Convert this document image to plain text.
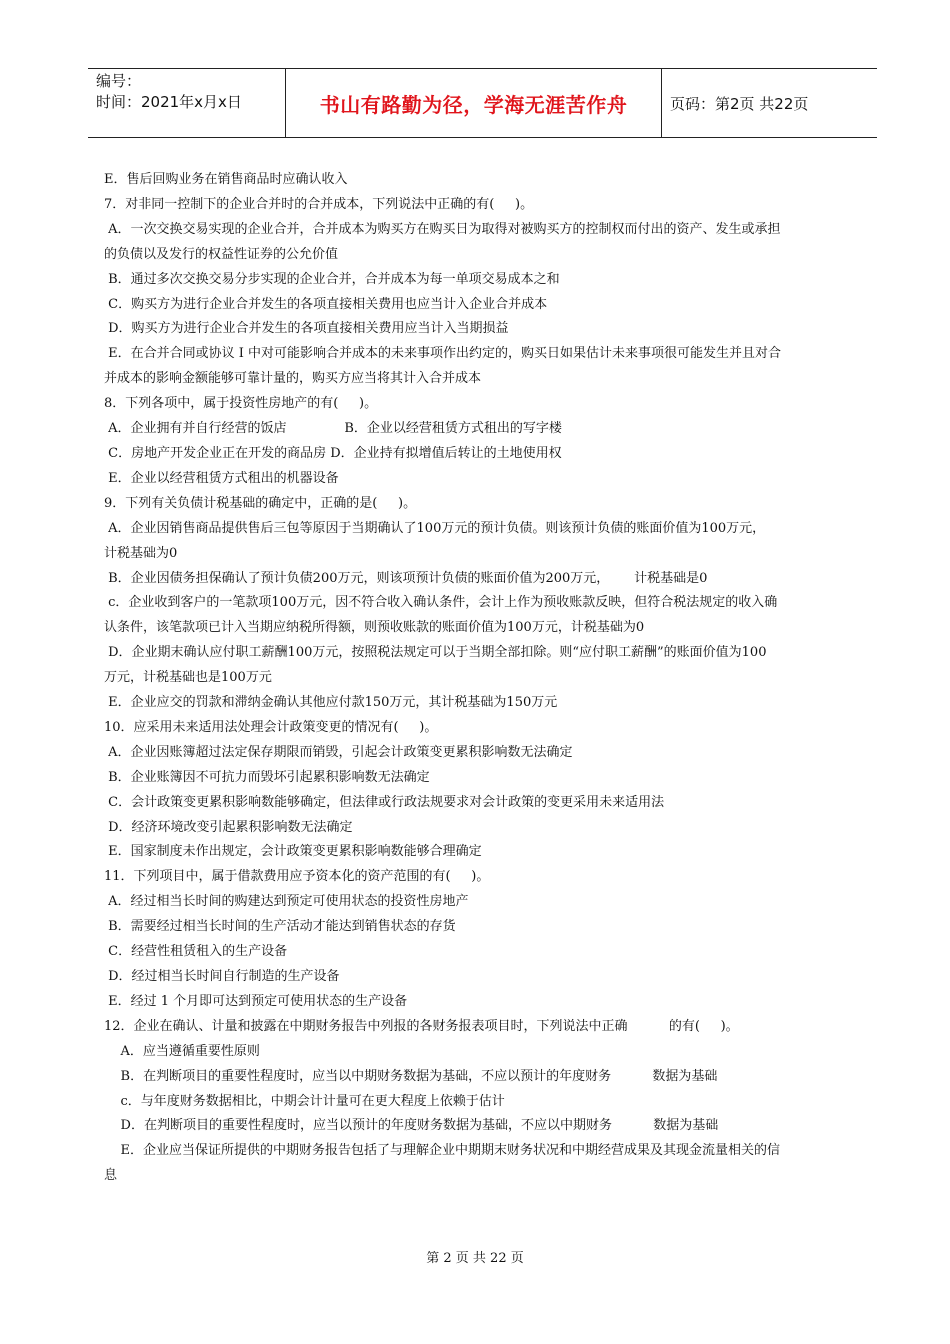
编号：
时间：2021年x月x日	书山有路勤为径，学海无涯苦作舟	页码：第2页 共22页
E．售后回购业务在销售商品时应确认收入
7．对非同一控制下的企业合并时的合并成本，下列说法中正确的有(     )。
A．一次交换交易实现的企业合并，合并成本为购买方在购买日为取得对被购买方的控制权而付出的资产、发生或承担
的负债以及发行的权益性证券的公允价值
B．通过多次交换交易分步实现的企业合并，合并成本为每一单项交易成本之和
C．购买方为进行企业合并发生的各项直接相关费用也应当计入企业合并成本
D．购买方为进行企业合并发生的各项直接相关费用应当计入当期损益
E．在合并合同或协议 I 中对可能影响合并成本的未来事项作出约定的，购买日如果估计未来事项很可能发生并且对合
并成本的影响金额能够可靠计量的，购买方应当将其计入合并成本
8．下列各项中，属于投资性房地产的有(     )。
A．企业拥有并自行经营的饭店              B．企业以经营租赁方式租出的写字楼
C．房地产开发企业正在开发的商品房 D．企业持有拟增值后转让的土地使用权
E．企业以经营租赁方式租出的机器设备
9．下列有关负债计税基础的确定中，正确的是(     )。
A．企业因销售商品提供售后三包等原因于当期确认了100万元的预计负债。则该预计负债的账面价值为100万元，
计税基础为0
B．企业因债务担保确认了预计负债200万元，则该项预计负债的账面价值为200万元，      计税基础是0
c．企业收到客户的一笔款项100万元，因不符合收入确认条件，会计上作为预收账款反映，但符合税法规定的收入确
认条件，该笔款项已计入当期应纳税所得额，则预收账款的账面价值为100万元，计税基础为0
D．企业期末确认应付职工薪酬100万元，按照税法规定可以于当期全部扣除。则“应付职工薪酬”的账面价值为100
万元，计税基础也是100万元
E．企业应交的罚款和滞纳金确认其他应付款150万元，其计税基础为150万元
10．应采用未来适用法处理会计政策变更的情况有(     )。
A．企业因账簿超过法定保存期限而销毁，引起会计政策变更累积影响数无法确定
B．企业账簿因不可抗力而毁坏引起累积影响数无法确定
C．会计政策变更累积影响数能够确定，但法律或行政法规要求对会计政策的变更采用未来适用法
D．经济环境改变引起累积影响数无法确定
E．国家制度未作出规定，会计政策变更累积影响数能够合理确定
11．下列项目中，属于借款费用应予资本化的资产范围的有(     )。
A．经过相当长时间的购建达到预定可使用状态的投资性房地产
B．需要经过相当长时间的生产活动才能达到销售状态的存货
C．经营性租赁租入的生产设备
D．经过相当长时间自行制造的生产设备
E．经过 1 个月即可达到预定可使用状态的生产设备
12．企业在确认、计量和披露在中期财务报告中列报的各财务报表项目时，下列说法中正确          的有(     )。
A．应当遵循重要性原则
B．在判断项目的重要性程度时，应当以中期财务数据为基础，不应以预计的年度财务          数据为基础
c．与年度财务数据相比，中期会计计量可在更大程度上依赖于估计
D．在判断项目的重要性程度时，应当以预计的年度财务数据为基础，不应以中期财务          数据为基础
E．企业应当保证所提供的中期财务报告包括了与理解企业中期期末财务状况和中期经营成果及其现金流量相关的信
息
第 2 页 共 22 页
